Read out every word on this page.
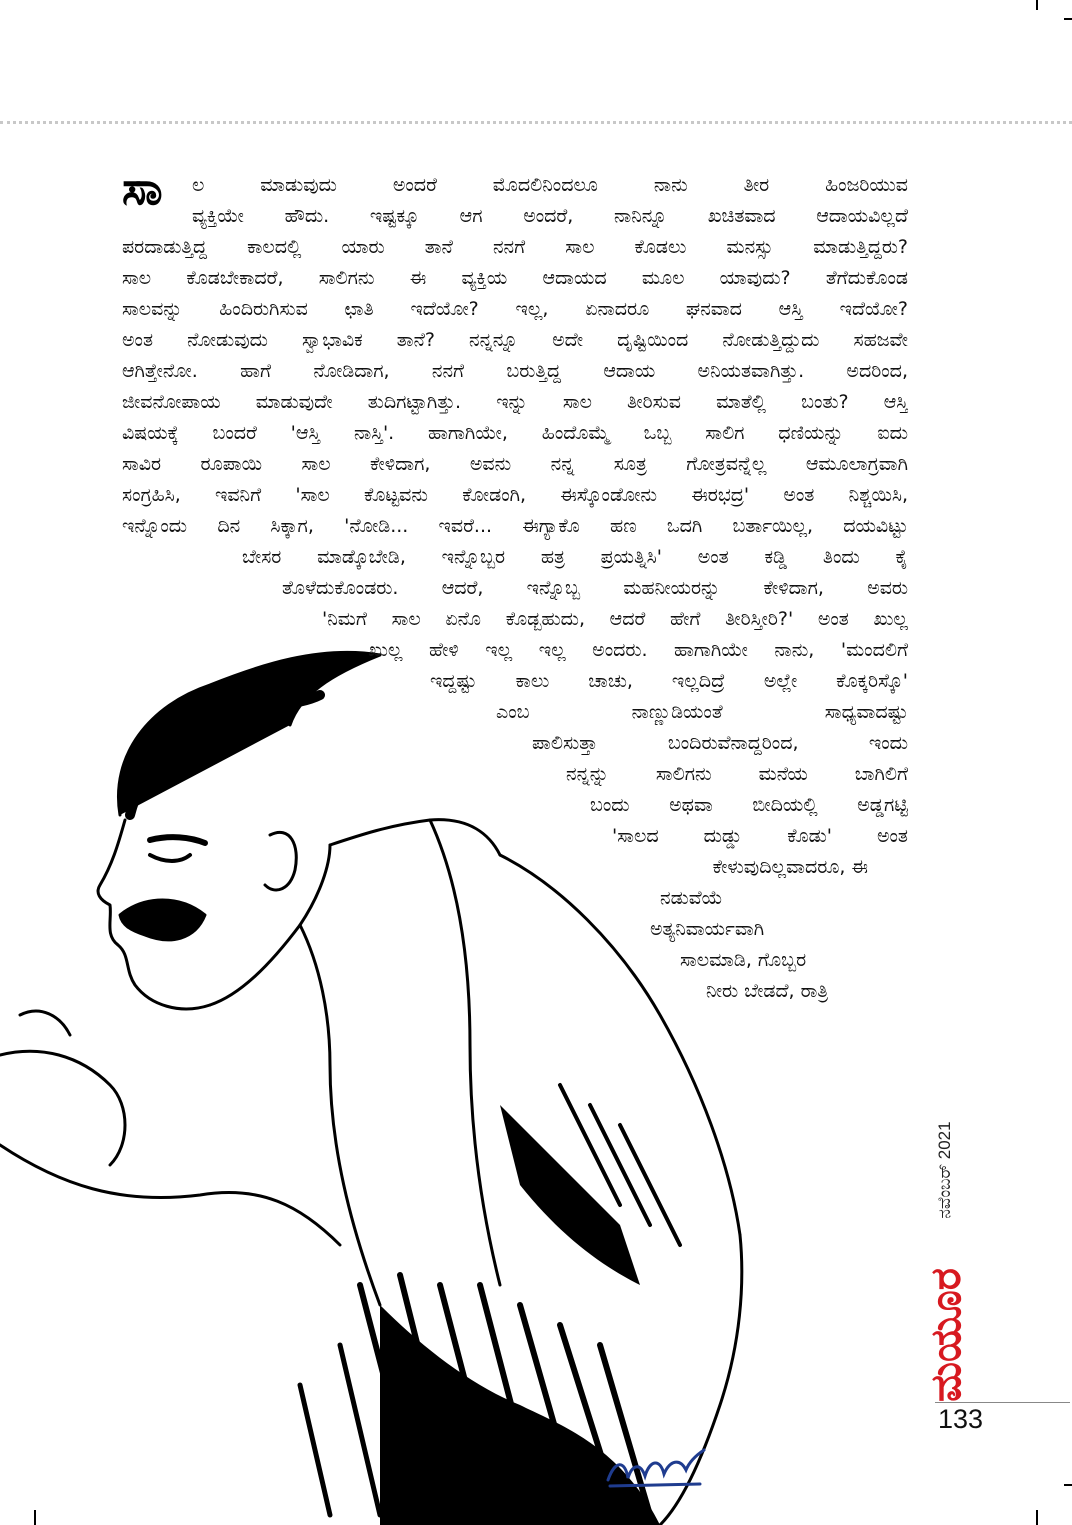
ಸಾ ಲ ಮಾಡುವುದು ಅಂದರೆ ಮೊದಲಿನಿಂದಲೂ ನಾನು ತೀರ ಹಿಂಜರಿಯುವ
ವ್ಯಕ್ತಿಯೇ ಹೌದು. ಇಷ್ಟಕ್ಕೂ ಆಗ ಅಂದರೆ, ನಾನಿನ್ನೂ ಖಚಿತವಾದ ಆದಾಯವಿಲ್ಲದೆ
ಪರದಾಡುತ್ತಿದ್ದ ಕಾಲದಲ್ಲಿ ಯಾರು ತಾನೆ ನನಗೆ ಸಾಲ ಕೊಡಲು ಮನಸ್ಸು ಮಾಡುತ್ತಿದ್ದರು?
ಸಾಲ ಕೊಡಬೇಕಾದರೆ, ಸಾಲಿಗನು ಈ ವ್ಯಕ್ತಿಯ ಆದಾಯದ ಮೂಲ ಯಾವುದು? ತೆಗೆದುಕೊಂಡ
ಸಾಲವನ್ನು ಹಿಂದಿರುಗಿಸುವ ಛಾತಿ ಇದೆಯೋ? ಇಲ್ಲ, ಏನಾದರೂ ಘನವಾದ ಆಸ್ತಿ ಇದೆಯೋ?
ಅಂತ ನೋಡುವುದು ಸ್ವಾಭಾವಿಕ ತಾನೆ? ನನ್ನನ್ನೂ ಅದೇ ದೃಷ್ಟಿಯಿಂದ ನೋಡುತ್ತಿದ್ದುದು ಸಹಜವೇ
ಆಗಿತ್ತೇನೋ. ಹಾಗೆ ನೋಡಿದಾಗ, ನನಗೆ ಬರುತ್ತಿದ್ದ ಆದಾಯ ಅನಿಯತವಾಗಿತ್ತು. ಅದರಿಂದ,
ಜೀವನೋಪಾಯ ಮಾಡುವುದೇ ತುದಿಗಟ್ಟಾಗಿತ್ತು. ಇನ್ನು ಸಾಲ ತೀರಿಸುವ ಮಾತೆಲ್ಲಿ ಬಂತು? ಆಸ್ತಿ
ವಿಷಯಕ್ಕೆ ಬಂದರೆ 'ಆಸ್ತಿ ನಾಸ್ತಿ'. ಹಾಗಾಗಿಯೇ, ಹಿಂದೊಮ್ಮೆ ಒಬ್ಬ ಸಾಲಿಗ ಧಣಿಯನ್ನು ಐದು
ಸಾವಿರ ರೂಪಾಯಿ ಸಾಲ ಕೇಳಿದಾಗ, ಅವನು ನನ್ನ ಸೂತ್ರ ಗೋತ್ರವನ್ನೆಲ್ಲ ಆಮೂಲಾಗ್ರವಾಗಿ
ಸಂಗ್ರಹಿಸಿ, ಇವನಿಗೆ 'ಸಾಲ ಕೊಟ್ಟವನು ಕೋಡಂಗಿ, ಈಸ್ಕೊಂಡೋನು ಈರಭದ್ರ' ಅಂತ ನಿಶ್ಚಯಿಸಿ,
ಇನ್ನೊಂದು ದಿನ ಸಿಕ್ಕಾಗ, 'ನೋಡಿ... ಇವರೆ... ಈಗ್ಯಾಕೊ ಹಣ ಒದಗಿ ಬರ್ತಾಯಿಲ್ಲ, ದಯವಿಟ್ಟು
ಬೇಸರ ಮಾಡ್ಕೊಬೇಡಿ, ಇನ್ನೊಬ್ಬರ ಹತ್ರ ಪ್ರಯತ್ನಿಸಿ' ಅಂತ ಕಡ್ಡಿ ತಿಂದು ಕೈ
ತೊಳೆದುಕೊಂಡರು. ಆದರೆ, ಇನ್ನೊಬ್ಬ ಮಹನೀಯರನ್ನು ಕೇಳಿದಾಗ, ಅವರು
'ನಿಮಗೆ ಸಾಲ ಏನೊ ಕೊಡ್ಬಹುದು, ಆದರೆ ಹೇಗೆ ತೀರಿಸ್ತೀರಿ?' ಅಂತ ಖುಲ್ಲ
ಖುಲ್ಲ ಹೇಳಿ ಇಲ್ಲ ಇಲ್ಲ ಅಂದರು. ಹಾಗಾಗಿಯೇ ನಾನು, 'ಮಂದಲಿಗೆ
ಇದ್ದಷ್ಟು ಕಾಲು ಚಾಚು, ಇಲ್ಲದಿದ್ರೆ ಅಲ್ಲೇ ಕೊಕ್ಕರಿಸ್ಕೊ'
ಎಂಬ ನಾಣ್ಣುಡಿಯಂತೆ ಸಾಧ್ಯವಾದಷ್ಟು
ಪಾಲಿಸುತ್ತಾ ಬಂದಿರುವೆನಾದ್ದರಿಂದ, ಇಂದು
ನನ್ನನ್ನು ಸಾಲಿಗನು ಮನೆಯ ಬಾಗಿಲಿಗೆ
ಬಂದು ಅಥವಾ ಬೀದಿಯಲ್ಲಿ ಅಡ್ಡಗಟ್ಟಿ
'ಸಾಲದ ದುಡ್ಡು ಕೊಡು' ಅಂತ
ಕೇಳುವುದಿಲ್ಲವಾದರೂ, ಈ
ನಡುವೆಯೆ
ಅತ್ಯನಿವಾರ್ಯವಾಗಿ
ಸಾಲಮಾಡಿ, ಗೊಬ್ಬರ
ನೀರು ಬೇಡದೆ, ರಾತ್ರಿ
ನವೆಂಬರ್ 2021
ಮಯೂರ
133
